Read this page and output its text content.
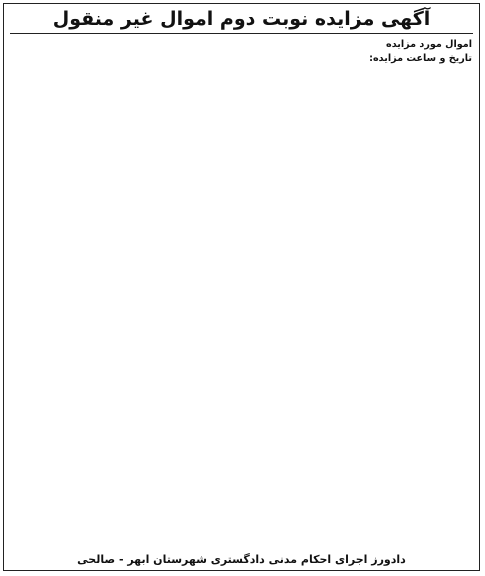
آگهی مزایده نوبت دوم اموال غیر منقول

اموال مورد مزایده

تاریخ و ساعت مزایده:

دادورز اجرای احکام مدنی دادگستری شهرستان ابهر - صالحی
